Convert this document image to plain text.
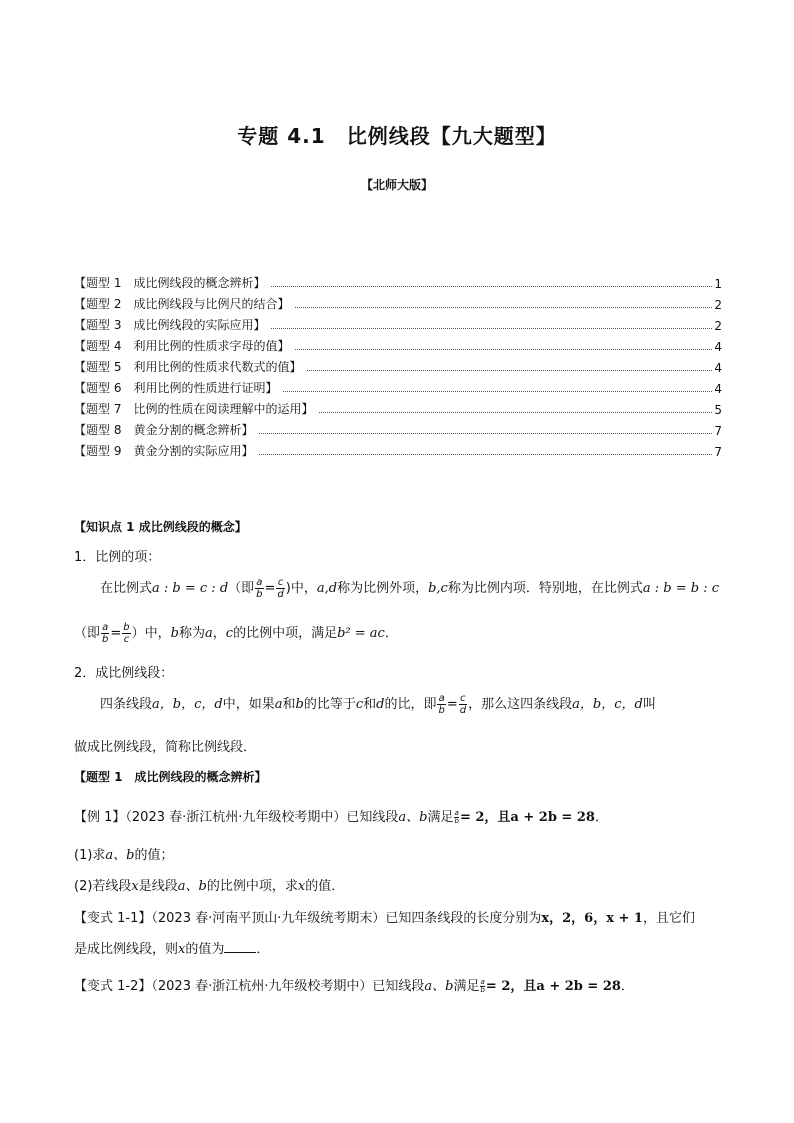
专题 4.1　比例线段【九大题型】
【北师大版】
【题型 1　成比例线段的概念辨析】	1
【题型 2　成比例线段与比例尺的结合】	2
【题型 3　成比例线段的实际应用】	2
【题型 4　利用比例的性质求字母的值】	4
【题型 5　利用比例的性质求代数式的值】	4
【题型 6　利用比例的性质进行证明】	4
【题型 7　比例的性质在阅读理解中的运用】	5
【题型 8　黄金分割的概念辨析】	7
【题型 9　黄金分割的实际应用】	7
【知识点 1 成比例线段的概念】
1．比例的项：
在比例式a : b = c : d（即 $\frac{a}{b} = \frac{c}{d}$ )中，a,d称为比例外项，b,c称为比例内项．特别地，在比例式a : b = b : c
（即 $\frac{a}{b} = \frac{b}{c}$ ）中，b称为a，c的比例中项，满足b² = ac．
2．成比例线段：
四条线段a，b，c，d中，如果a和b的比等于c和d的比，即 $\frac{a}{b} = \frac{c}{d}$ ，那么这四条线段a，b，c，d叫
做成比例线段，简称比例线段．
【题型 1　成比例线段的概念辨析】
【例 1】（2023 春·浙江杭州·九年级校考期中）已知线段a、b满足 $\frac{a}{b} = 2$，且a + 2b = 28．
(1)求a、b的值；
(2)若线段x是线段a、b的比例中项，求x的值．
【变式 1-1】（2023 春·河南平顶山·九年级统考期末）已知四条线段的长度分别为x，2，6，x + 1，且它们
是成比例线段，则x的值为 ．
【变式 1-2】（2023 春·浙江杭州·九年级校考期中）已知线段a、b满足 $\frac{a}{b} = 2$，且a + 2b = 28．
